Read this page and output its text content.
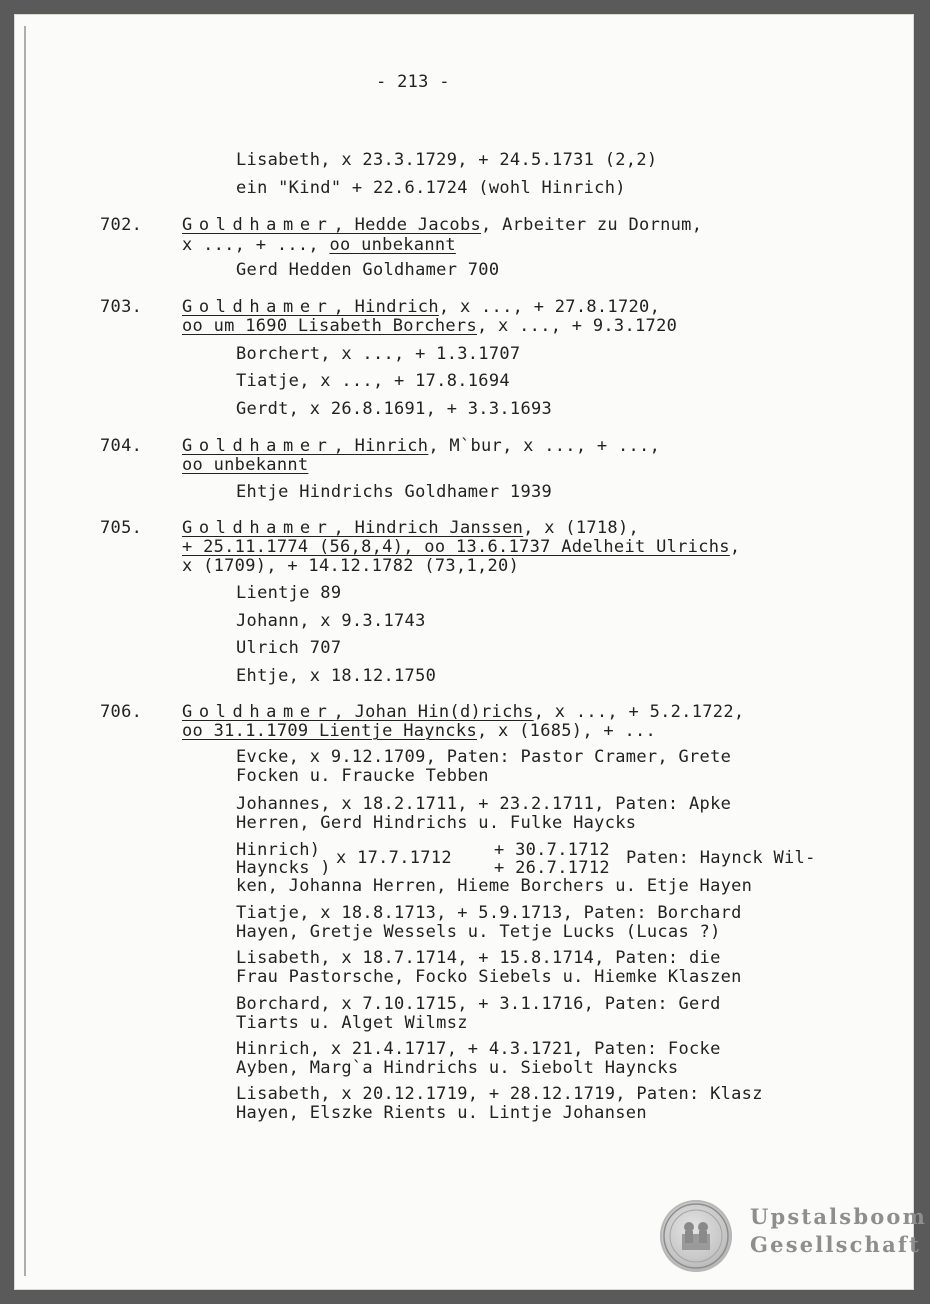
- 213 -
Lisabeth, x 23.3.1729, + 24.5.1731 (2,2)
ein "Kind" + 22.6.1724 (wohl Hinrich)
702. Goldhamer, Hedde Jacobs, Arbeiter zu Dornum,
x ..., + ..., oo unbekannt
Gerd Hedden Goldhamer 700
703. Goldhamer, Hindrich, x ..., + 27.8.1720,
oo um 1690 Lisabeth Borchers, x ..., + 9.3.1720
Borchert, x ..., + 1.3.1707
Tiatje, x ..., + 17.8.1694
Gerdt, x 26.8.1691, + 3.3.1693
704. Goldhamer, Hinrich, M`bur, x ..., + ...,
oo unbekannt
Ehtje Hindrichs Goldhamer 1939
705. Goldhamer, Hindrich Janssen, x (1718),
+ 25.11.1774 (56,8,4), oo 13.6.1737 Adelheit Ulrichs,
x (1709), + 14.12.1782 (73,1,20)
Lientje 89
Johann, x 9.3.1743
Ulrich 707
Ehtje, x 18.12.1750
706. Goldhamer, Johan Hin(d)richs, x ..., + 5.2.1722,
oo 31.1.1709 Lientje Hayncks, x (1685), + ...
Evcke, x 9.12.1709, Paten: Pastor Cramer, Grete
Focken u. Fraucke Tebben
Johannes, x 18.2.1711, + 23.2.1711, Paten: Apke
Herren, Gerd Hindrichs u. Fulke Haycks
Hinrich)
Hayncks ) x 17.7.1712 + 30.7.1712
+ 26.7.1712 Paten: Haynck Wil-
ken, Johanna Herren, Hieme Borchers u. Etje Hayen
Tiatje, x 18.8.1713, + 5.9.1713, Paten: Borchard
Hayen, Gretje Wessels u. Tetje Lucks (Lucas ?)
Lisabeth, x 18.7.1714, + 15.8.1714, Paten: die
Frau Pastorsche, Focko Siebels u. Hiemke Klaszen
Borchard, x 7.10.1715, + 3.1.1716, Paten: Gerd
Tiarts u. Alget Wilmsz
Hinrich, x 21.4.1717, + 4.3.1721, Paten: Focke
Ayben, Marg`a Hindrichs u. Siebolt Hayncks
Lisabeth, x 20.12.1719, + 28.12.1719, Paten: Klasz
Hayen, Elszke Rients u. Lintje Johansen
Upstalsboom
Gesellschaft
